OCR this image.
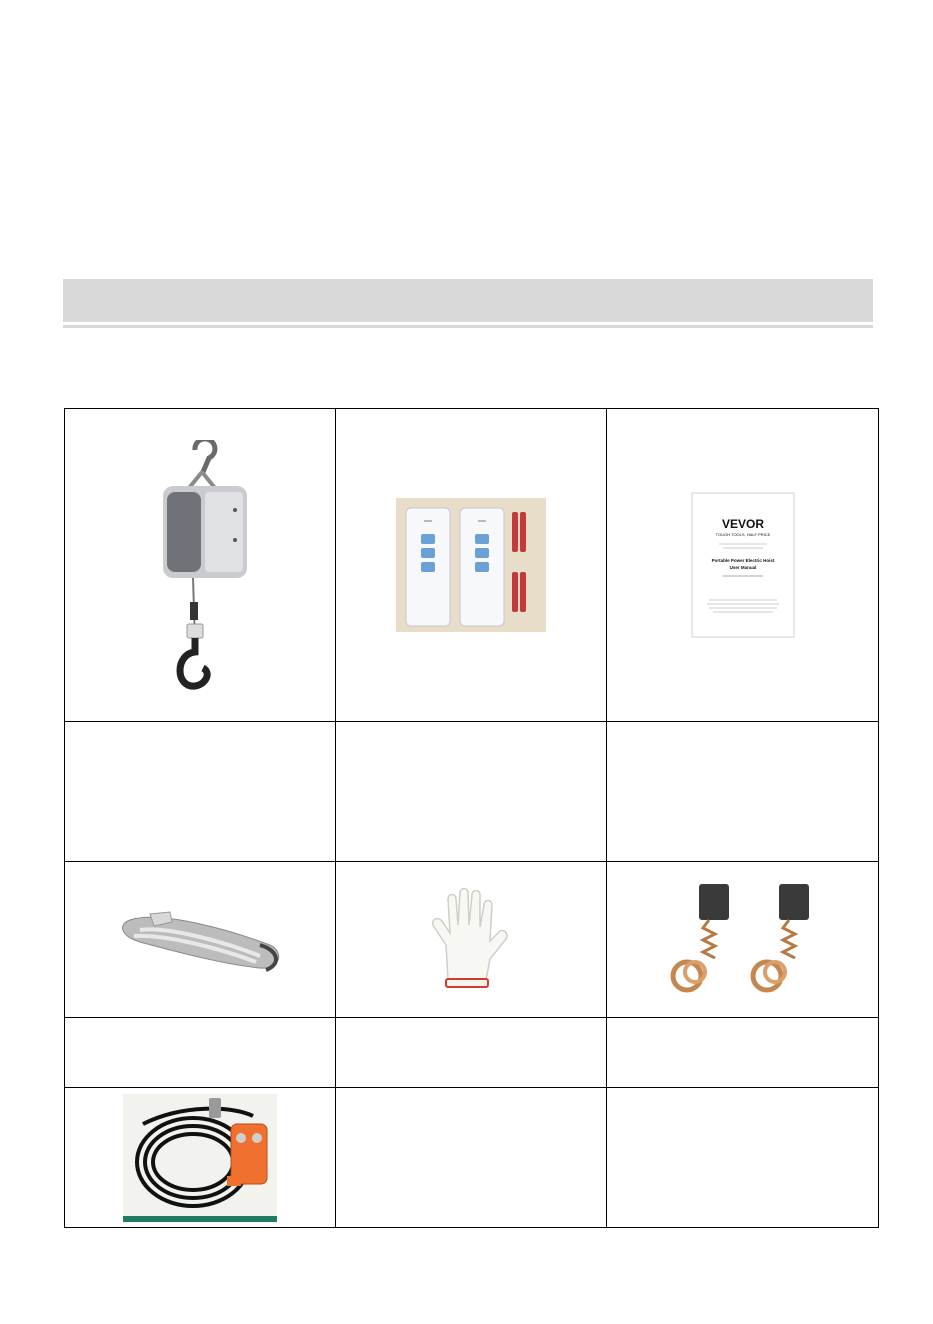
VEVOR
TOUGH TOOLS, HALF PRICE
Portable Power Electric Hoist
User Manual
